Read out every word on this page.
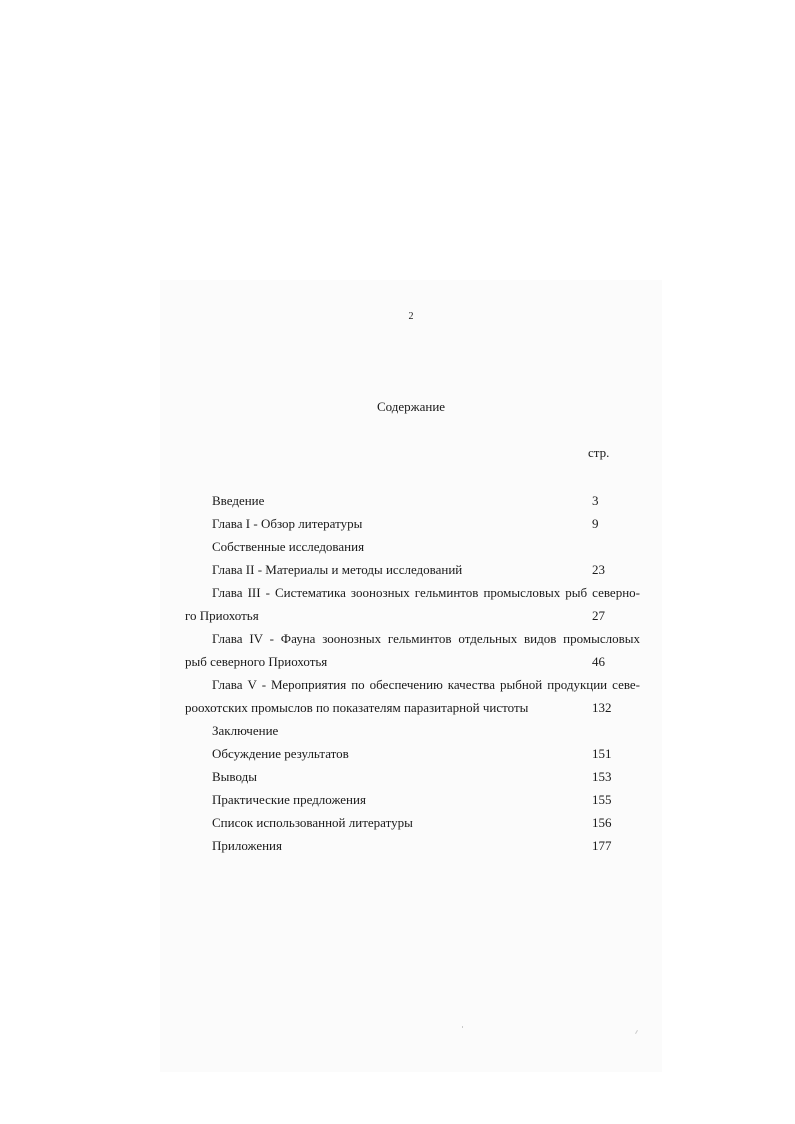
2
Содержание
стр.
Введение	3
Глава I - Обзор литературы	9
Собственные исследования
Глава II - Материалы и методы исследований	23
Глава III - Систематика зоонозных гельминтов промысловых рыб северно-
го Приохотья	27
Глава IV - Фауна зоонозных гельминтов отдельных видов промысловых
рыб северного Приохотья	46
Глава V - Мероприятия по обеспечению качества рыбной продукции севе-
роохотских промыслов по показателям паразитарной чистоты	132
Заключение
Обсуждение результатов	151
Выводы	153
Практические предложения	155
Список использованной литературы	156
Приложения	177
